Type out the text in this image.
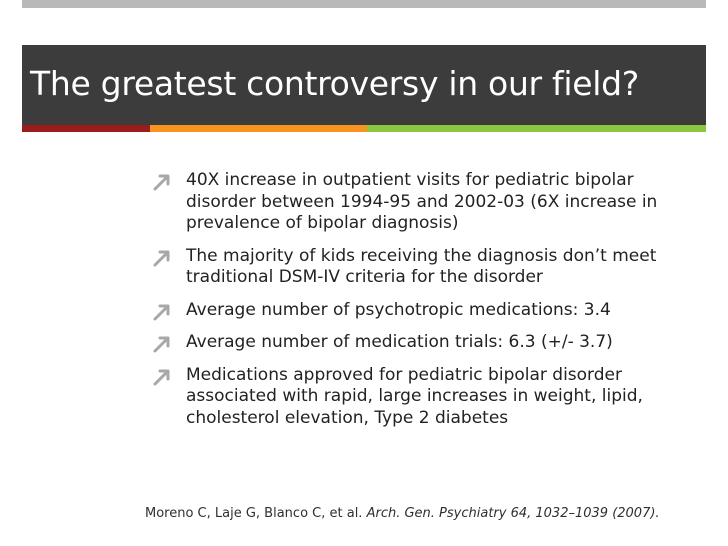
The greatest controversy in our field?
40X increase in outpatient visits for pediatric bipolar disorder between 1994-95 and 2002-03 (6X increase in prevalence of bipolar diagnosis)
The majority of kids receiving the diagnosis don’t meet traditional DSM-IV criteria for the disorder
Average number of psychotropic medications: 3.4
Average number of medication trials: 6.3 (+/- 3.7)
Medications approved for pediatric bipolar disorder associated with rapid, large increases in weight, lipid, cholesterol elevation, Type 2 diabetes
Moreno C, Laje G, Blanco C, et al. Arch. Gen. Psychiatry 64, 1032–1039 (2007).
